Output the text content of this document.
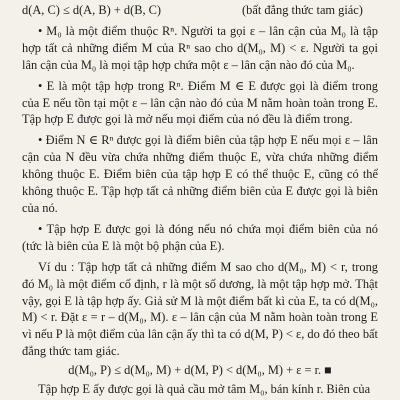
d(A, C) ≤ d(A, B) + d(B, C)	(bất đẳng thức tam giác)

• M₀ là một điểm thuộc Rⁿ. Người ta gọi ε – lân cận của M₀ là tập hợp tất cả những điểm M của Rⁿ sao cho d(M₀, M) < ε. Người ta gọi lân cận của M₀ là mọi tập hợp chứa một ε – lân cận nào đó của M₀.

• E là một tập hợp trong Rⁿ. Điểm M ∈ E được gọi là điểm trong của E nếu tồn tại một ε – lân cận nào đó của M nằm hoàn toàn trong E. Tập hợp E được gọi là mở nếu mọi điểm của nó đều là điểm trong.

• Điểm N ∈ Rⁿ được gọi là điểm biên của tập hợp E nếu mọi ε – lân cận của N đều vừa chứa những điểm thuộc E, vừa chứa những điểm không thuộc E. Điểm biên của tập hợp E có thể thuộc E, cũng có thể không thuộc E. Tập hợp tất cả những điểm biên của E được gọi là biên của nó.

• Tập hợp E được gọi là đóng nếu nó chứa mọi điểm biên của nó (tức là biên của E là một bộ phận của E).

Ví du : Tập hợp tất cả những điểm M sao cho d(M₀, M) < r, trong đó M₀ là một điểm cố định, r là một số dương, là một tập hợp mở. Thật vậy, gọi E là tập hợp ấy. Giả sử M là một điểm bất kì của E, ta có d(M₀, M) < r. Đặt ε = r – d(M₀, M). ε – lân cận của M nằm hoàn toàn trong E vì nếu P là một điểm của lân cận ấy thì ta có d(M, P) < ε, do đó theo bất đẳng thức tam giác.

d(M₀, P) ≤ d(M₀, M) + d(M, P) < d(M₀, M) + ε = r. ■

Tập hợp E ấy được gọi là quả cầu mở tâm M₀, bán kính r. Biên của
